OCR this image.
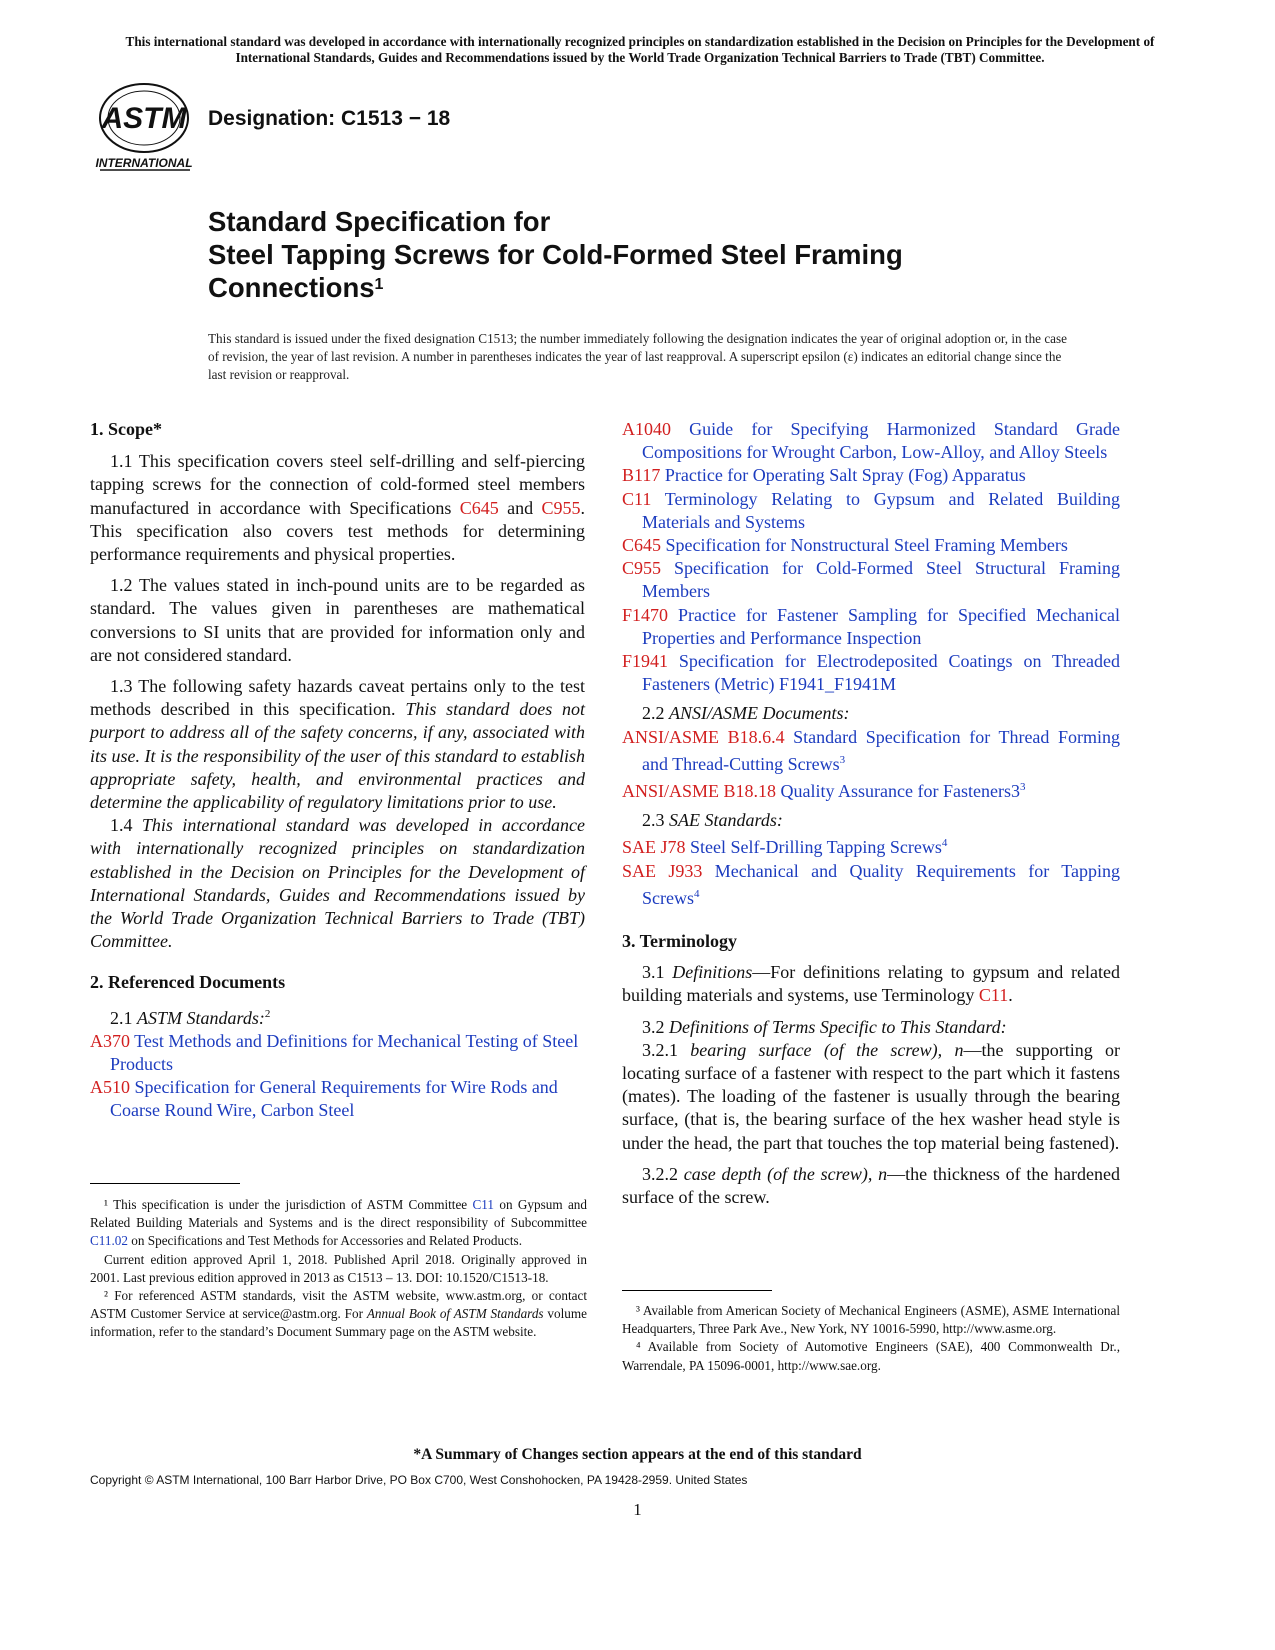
This international standard was developed in accordance with internationally recognized principles on standardization established in the Decision on Principles for the Development of International Standards, Guides and Recommendations issued by the World Trade Organization Technical Barriers to Trade (TBT) Committee.
ASTM
INTERNATIONAL
Designation: C1513 − 18
Standard Specification for
Steel Tapping Screws for Cold-Formed Steel Framing
Connections$^1$
This standard is issued under the fixed designation C1513; the number immediately following the designation indicates the year of original adoption or, in the case of revision, the year of last revision. A number in parentheses indicates the year of last reapproval. A superscript epsilon (ε) indicates an editorial change since the last revision or reapproval.

1. Scope*

1.1 This specification covers steel self-drilling and self-piercing tapping screws for the connection of cold-formed steel members manufactured in accordance with Specifications C645 and C955. This specification also covers test methods for determining performance requirements and physical properties.

1.2 The values stated in inch-pound units are to be regarded as standard. The values given in parentheses are mathematical conversions to SI units that are provided for information only and are not considered standard.

1.3 The following safety hazards caveat pertains only to the test methods described in this specification. This standard does not purport to address all of the safety concerns, if any, associated with its use. It is the responsibility of the user of this standard to establish appropriate safety, health, and environmental practices and determine the applicability of regulatory limitations prior to use.

1.4 This international standard was developed in accordance with internationally recognized principles on standardization established in the Decision on Principles for the Development of International Standards, Guides and Recommendations issued by the World Trade Organization Technical Barriers to Trade (TBT) Committee.

2. Referenced Documents

2.1 ASTM Standards:$^2$

A370 Test Methods and Definitions for Mechanical Testing of Steel Products

A510 Specification for General Requirements for Wire Rods and Coarse Round Wire, Carbon Steel

¹ This specification is under the jurisdiction of ASTM Committee C11 on Gypsum and Related Building Materials and Systems and is the direct responsibility of Subcommittee C11.02 on Specifications and Test Methods for Accessories and Related Products.

Current edition approved April 1, 2018. Published April 2018. Originally approved in 2001. Last previous edition approved in 2013 as C1513 – 13. DOI: 10.1520/C1513-18.

² For referenced ASTM standards, visit the ASTM website, www.astm.org, or contact ASTM Customer Service at service@astm.org. For Annual Book of ASTM Standards volume information, refer to the standard’s Document Summary page on the ASTM website.

A1040 Guide for Specifying Harmonized Standard Grade Compositions for Wrought Carbon, Low-Alloy, and Alloy Steels

B117 Practice for Operating Salt Spray (Fog) Apparatus

C11 Terminology Relating to Gypsum and Related Building Materials and Systems

C645 Specification for Nonstructural Steel Framing Members

C955 Specification for Cold-Formed Steel Structural Framing Members

F1470 Practice for Fastener Sampling for Specified Mechanical Properties and Performance Inspection

F1941 Specification for Electrodeposited Coatings on Threaded Fasteners (Metric) F1941_F1941M

2.2 ANSI/ASME Documents:

ANSI/ASME B18.6.4 Standard Specification for Thread Forming and Thread-Cutting Screws$^3$

ANSI/ASME B18.18 Quality Assurance for $Fasteners3^3$

2.3 SAE Standards:

SAE J78 Steel Self-Drilling Tapping Screws$^4$

SAE J933 Mechanical and Quality Requirements for Tapping Screws$^4$

3. Terminology

3.1 Definitions—For definitions relating to gypsum and related building materials and systems, use Terminology C11.

3.2 Definitions of Terms Specific to This Standard:

3.2.1 bearing surface (of the screw), n—the supporting or locating surface of a fastener with respect to the part which it fastens (mates). The loading of the fastener is usually through the bearing surface, (that is, the bearing surface of the hex washer head style is under the head, the part that touches the top material being fastened).

3.2.2 case depth (of the screw), n—the thickness of the hardened surface of the screw.

³ Available from American Society of Mechanical Engineers (ASME), ASME International Headquarters, Three Park Ave., New York, NY 10016-5990, http://www.asme.org.

⁴ Available from Society of Automotive Engineers (SAE), 400 Commonwealth Dr., Warrendale, PA 15096-0001, http://www.sae.org.

*A Summary of Changes section appears at the end of this standard
Copyright © ASTM International, 100 Barr Harbor Drive, PO Box C700, West Conshohocken, PA 19428-2959. United States
1
